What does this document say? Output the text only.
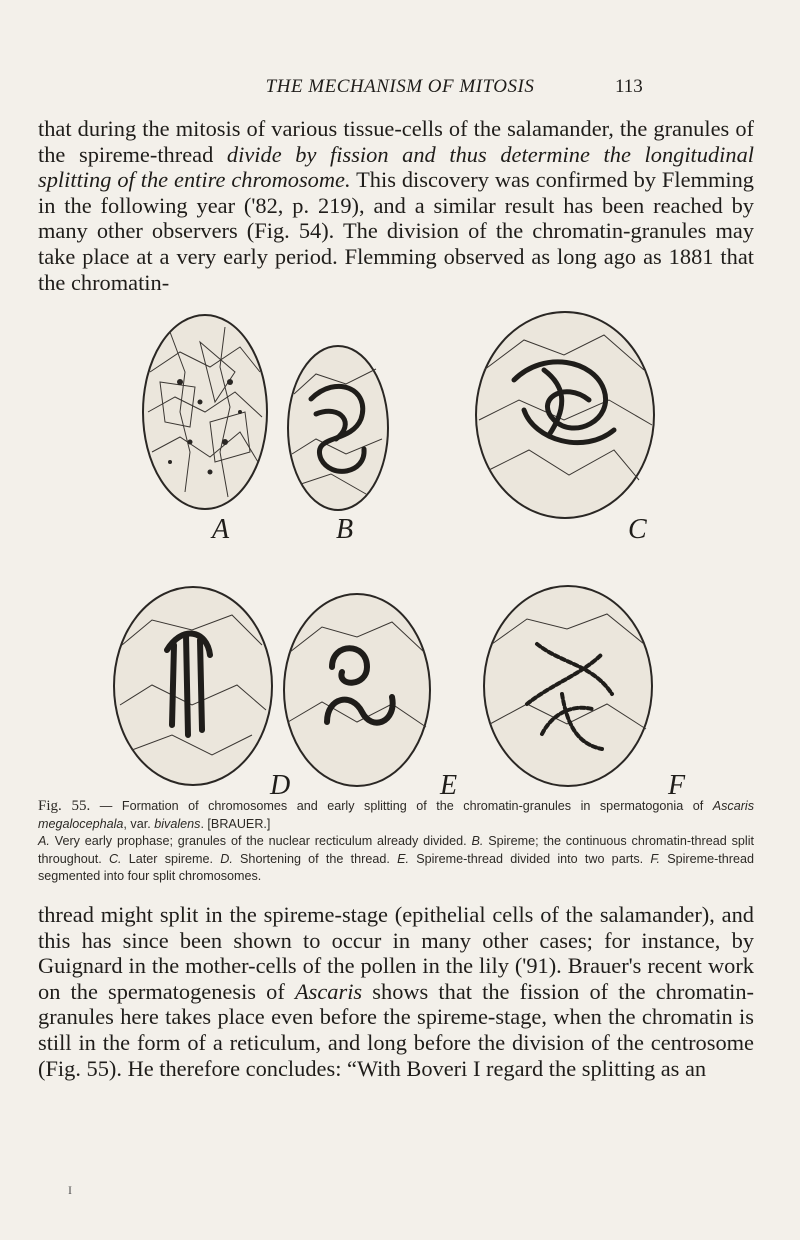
THE MECHANISM OF MITOSIS	113
that during the mitosis of various tissue-cells of the salamander, the granules of the spireme-thread divide by fission and thus determine the longitudinal splitting of the entire chromosome. This discovery was confirmed by Flemming in the following year ('82, p. 219), and a similar result has been reached by many other observers (Fig. 54). The division of the chromatin-granules may take place at a very early period. Flemming observed as long ago as 1881 that the chromatin-
A	B	C
D	E	F
Fig. 55. — Formation of chromosomes and early splitting of the chromatin-granules in spermatogonia of Ascaris megalocephala, var. bivalens. [BRAUER.]
A. Very early prophase; granules of the nuclear recticulum already divided. B. Spireme; the continuous chromatin-thread split throughout. C. Later spireme. D. Shortening of the thread. E. Spireme-thread divided into two parts. F. Spireme-thread segmented into four split chromosomes.
thread might split in the spireme-stage (epithelial cells of the salamander), and this has since been shown to occur in many other cases; for instance, by Guignard in the mother-cells of the pollen in the lily ('91). Brauer's recent work on the spermatogenesis of Ascaris shows that the fission of the chromatin-granules here takes place even before the spireme-stage, when the chromatin is still in the form of a reticulum, and long before the division of the centrosome (Fig. 55). He therefore concludes: “With Boveri I regard the splitting as an
I
